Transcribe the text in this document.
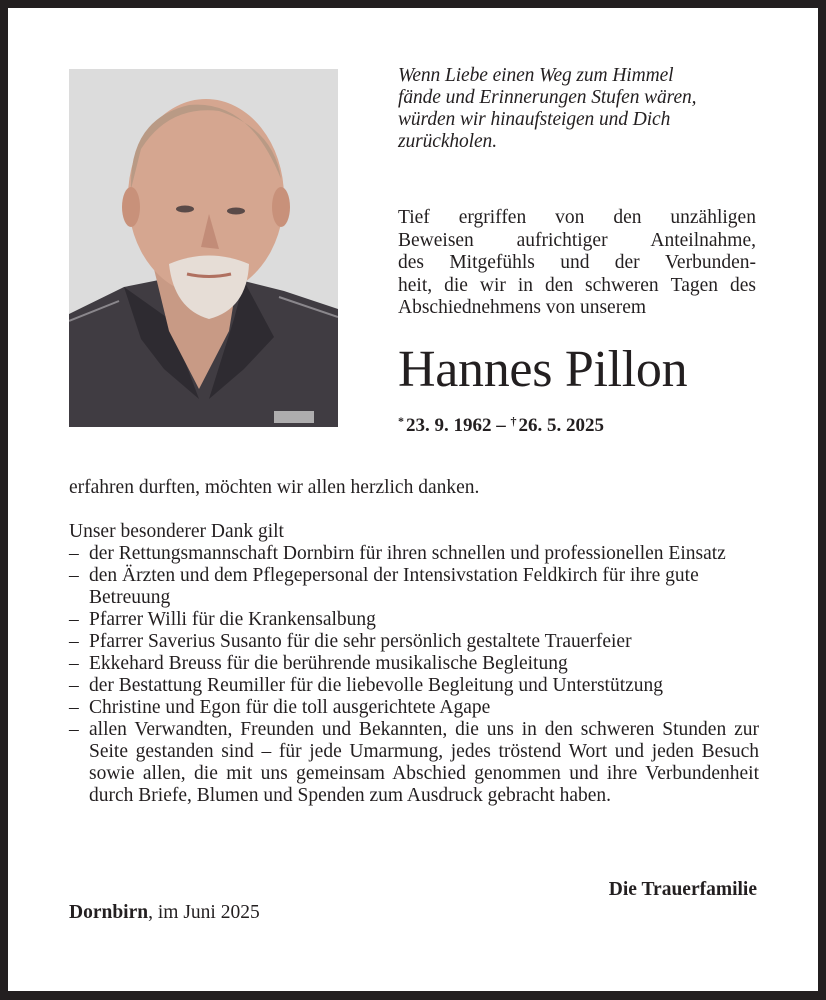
Wenn Liebe einen Weg zum Himmel
fände und Erinnerungen Stufen wären,
würden wir hinaufsteigen und Dich
zurückholen.
Tief ergriffen von den unzähligen
Beweisen aufrichtiger Anteilnahme,
des Mitgefühls und der Verbunden-
heit, die wir in den schweren Tagen des
Abschiednehmens von unserem
Hannes Pillon
* 23. 9. 1962 – † 26. 5. 2025
erfahren durften, möchten wir allen herzlich danken.
Unser besonderer Dank gilt
– der Rettungsmannschaft Dornbirn für ihren schnellen und professionellen Einsatz
– den Ärzten und dem Pflegepersonal der Intensivstation Feldkirch für ihre gute Betreuung
– Pfarrer Willi für die Krankensalbung
– Pfarrer Saverius Susanto für die sehr persönlich gestaltete Trauerfeier
– Ekkehard Breuss für die berührende musikalische Begleitung
– der Bestattung Reumiller für die liebevolle Begleitung und Unterstützung
– Christine und Egon für die toll ausgerichtete Agape
– allen Verwandten, Freunden und Bekannten, die uns in den schweren Stunden zur Seite gestanden sind – für jede Umarmung, jedes tröstend Wort und jeden Besuch sowie allen, die mit uns gemeinsam Abschied genommen und ihre Verbundenheit durch Briefe, Blumen und Spenden zum Ausdruck gebracht haben.
Die Trauerfamilie
Dornbirn, im Juni 2025
